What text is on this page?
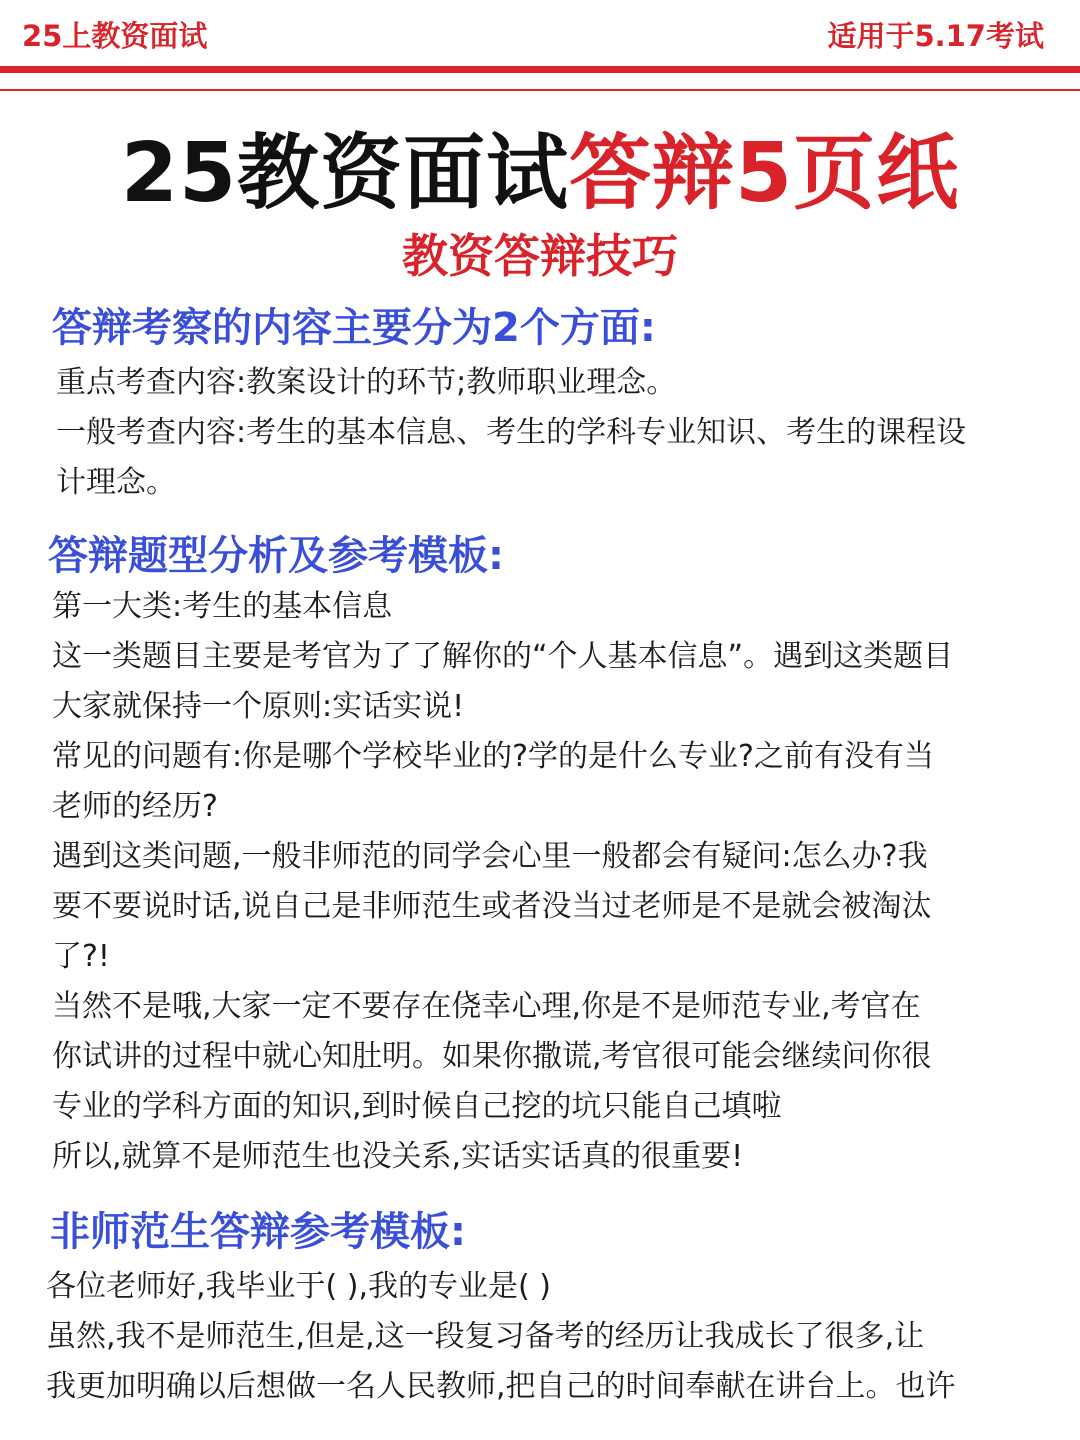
25上教资面试	适用于5.17考试
25教资面试答辩5页纸
教资答辩技巧
答辩考察的内容主要分为2个方面:
重点考查内容:教案设计的环节;教师职业理念。
一般考查内容:考生的基本信息、考生的学科专业知识、考生的课程设
计理念。
答辩题型分析及参考模板:
第一大类:考生的基本信息
这一类题目主要是考官为了了解你的“个人基本信息”。遇到这类题目
大家就保持一个原则:实话实说!
常见的问题有:你是哪个学校毕业的?学的是什么专业?之前有没有当
老师的经历?
遇到这类问题,一般非师范的同学会心里一般都会有疑问:怎么办?我
要不要说时话,说自己是非师范生或者没当过老师是不是就会被淘汰
了?!
当然不是哦,大家一定不要存在侥幸心理,你是不是师范专业,考官在
你试讲的过程中就心知肚明。如果你撒谎,考官很可能会继续问你很
专业的学科方面的知识,到时候自己挖的坑只能自己填啦
所以,就算不是师范生也没关系,实话实话真的很重要!
非师范生答辩参考模板:
各位老师好,我毕业于( ),我的专业是( )
虽然,我不是师范生,但是,这一段复习备考的经历让我成长了很多,让
我更加明确以后想做一名人民教师,把自己的时间奉献在讲台上。也许
